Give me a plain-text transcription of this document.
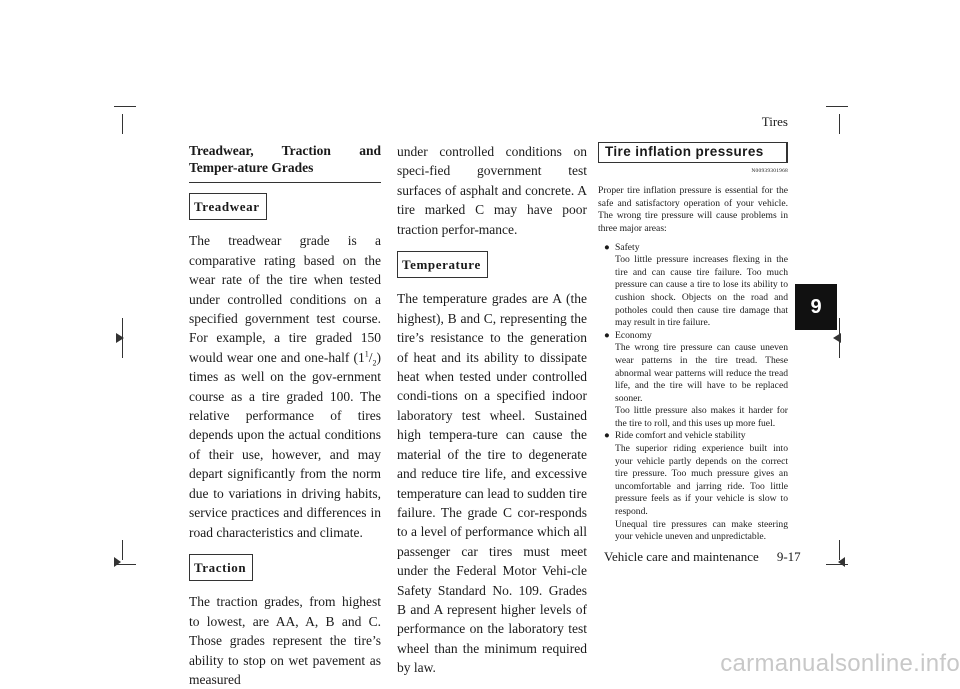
Tires
9
Vehicle care and maintenance 9-17
Treadwear, Traction and Temper-ature Grades
Treadwear

The treadwear grade is a comparative rating based on the wear rate of the tire when tested under controlled conditions on a specified government test course. For example, a tire graded 150 would wear one and one-half $(1^1/_2)$ times as well on the gov-ernment course as a tire graded 100. The relative performance of tires depends upon the actual conditions of their use, however, and may depart significantly from the norm due to variations in driving habits, service practices and differences in road characteristics and climate.

Traction

The traction grades, from highest to lowest, are AA, A, B and C. Those grades represent the tire’s ability to stop on wet pavement as measured

under controlled conditions on speci-fied government test surfaces of asphalt and concrete. A tire marked C may have poor traction perfor-mance.

Temperature

The temperature grades are A (the highest), B and C, representing the tire’s resistance to the generation of heat and its ability to dissipate heat when tested under controlled condi-tions on a specified indoor laboratory test wheel. Sustained high tempera-ture can cause the material of the tire to degenerate and reduce tire life, and excessive temperature can lead to sudden tire failure. The grade C cor-responds to a level of performance which all passenger car tires must meet under the Federal Motor Vehi-cle Safety Standard No. 109. Grades B and A represent higher levels of performance on the laboratory test wheel than the minimum required by law.

Tire inflation pressures
N00939301968

Proper tire inflation pressure is essential for the safe and satisfactory operation of your vehicle. The wrong tire pressure will cause problems in three major areas:

● Safety
Too little pressure increases flexing in the tire and can cause tire failure. Too much pressure can cause a tire to lose its ability to cushion shock. Objects on the road and potholes could then cause tire damage that may result in tire failure.
● Economy
The wrong tire pressure can cause uneven wear patterns in the tire tread. These abnormal wear patterns will reduce the tread life, and the tire will have to be replaced sooner.
Too little pressure also makes it harder for the tire to roll, and this uses up more fuel.
● Ride comfort and vehicle stability
The superior riding experience built into your vehicle partly depends on the correct tire pressure. Too much pressure gives an uncomfortable and jarring ride. Too little pressure feels as if your vehicle is slow to respond.
Unequal tire pressures can make steering your vehicle uneven and unpredictable.
carmanualsonline.info
